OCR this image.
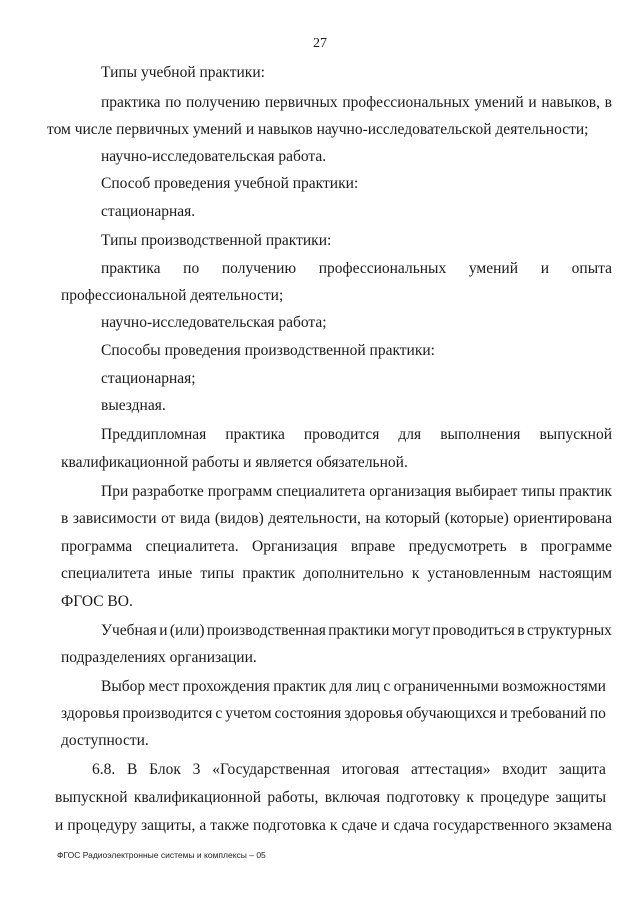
27
Типы учебной практики:
практика по получению первичных профессиональных умений и навыков, в
том числе первичных умений и навыков научно-исследовательской деятельности;
научно-исследовательская работа.
Способ проведения учебной практики:
стационарная.
Типы производственной практики:
практика по получению профессиональных умений и опыта
профессиональной деятельности;
научно-исследовательская работа;
Способы проведения производственной практики:
стационарная;
выездная.
Преддипломная практика проводится для выполнения выпускной
квалификационной работы и является обязательной.
При разработке программ специалитета организация выбирает типы практик
в зависимости от вида (видов) деятельности, на который (которые) ориентирована
программа специалитета. Организация вправе предусмотреть в программе
специалитета иные типы практик дополнительно к установленным настоящим
ФГОС ВО.
Учебная и (или) производственная практики могут проводиться в структурных
подразделениях организации.
Выбор мест прохождения практик для лиц с ограниченными возможностями
здоровья производится с учетом состояния здоровья обучающихся и требований по
доступности.
6.8. В Блок 3 «Государственная итоговая аттестация» входит защита
выпускной квалификационной работы, включая подготовку к процедуре защиты
и процедуру защиты, а также подготовка к сдаче и сдача государственного экзамена
ФГОС Радиоэлектронные системы и комплексы – 05
